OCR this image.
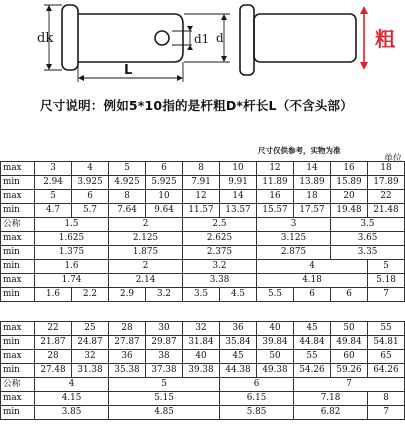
dk	d1 d
L
粗
尺寸说明：例如5*10指的是杆粗D*杆长L（不含头部）
尺寸仅供参考，实物为准
单位
max	3	4	5	6	8	10	12	14	16	18
min	2.94	3.925	4.925	5.925	7.91	9.91	11.89	13.89	15.89	17.89
max	5	6	8	10	12	14	16	18	20	22
min	4.7	5.7	7.64	9.64	11.57	13.57	15.57	17.57	19.48	21.48
公称	1.5		2		2.5		3		3.5	
max	1.625		2.125		2.625		3.125		3.65	
min	1.375		1.875		2.375		2.875		3.35	
min	1.6		2		3.2		4			5
max	1.74		2.14		3.38		4.18			5.18
min	1.6	2.2	2.9	3.2	3.5	4.5	5.5	6	6	7
max	22	25	28	30	32	36	40	45	50	55
min	21.87	24.87	27.87	29.87	31.84	35.84	39.84	44.84	49.84	54.81
max	28	32	36	38	40	45	50	55	60	65
min	27.48	31.38	35.38	37.38	39.38	44.38	49.38	54.26	59.26	64.26
公称	4		5			6		7		
max	4.15		5.15			6.15		7.18		8
min	3.85		4.85			5.85		6.82		7
